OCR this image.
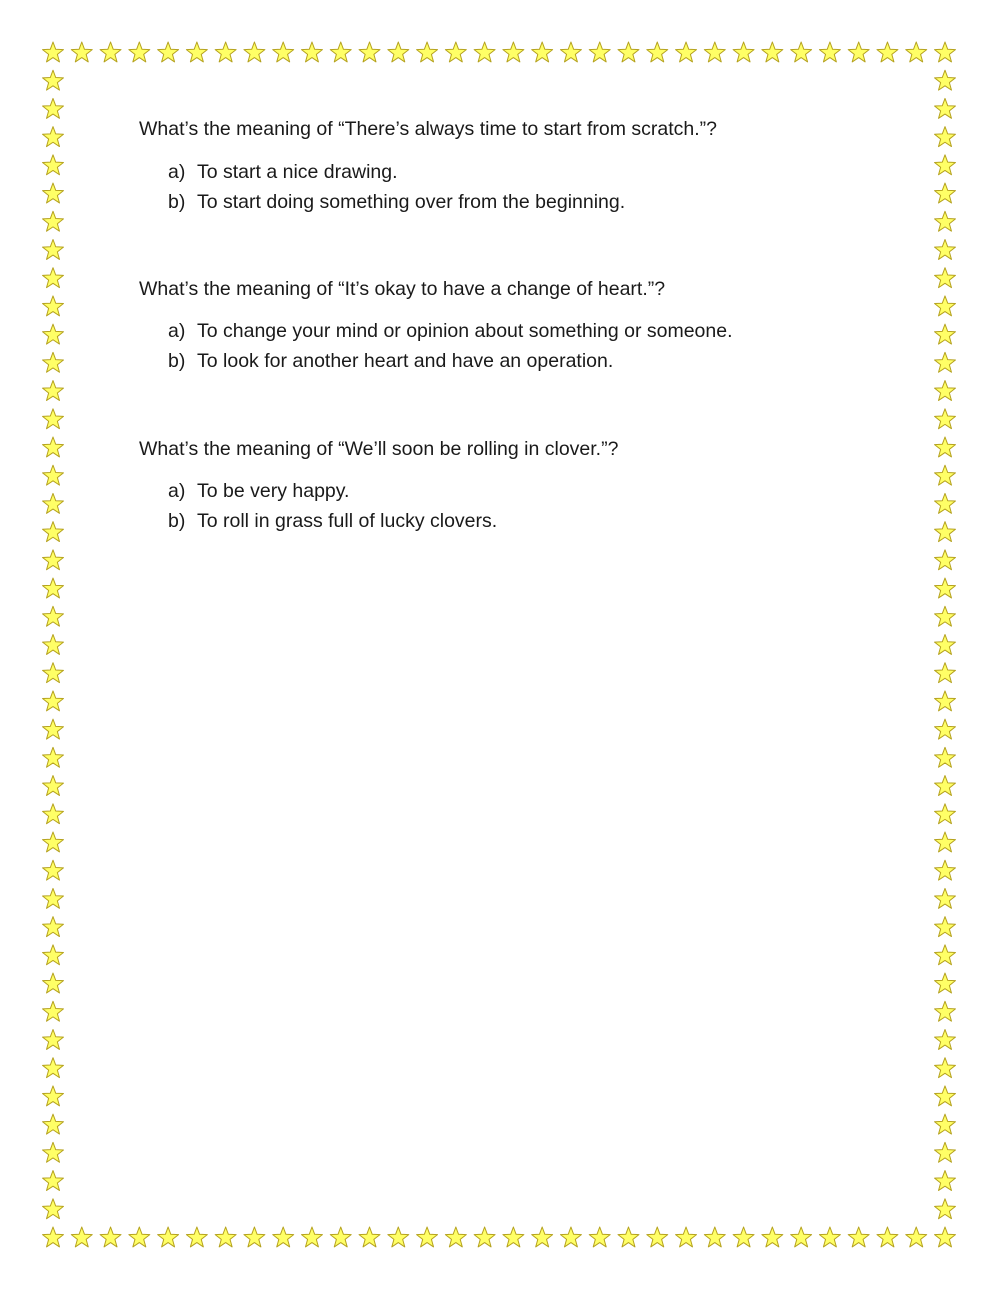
What’s the meaning of “There’s always time to start from scratch.”?
a) To start a nice drawing.
b) To start doing something over from the beginning.
What’s the meaning of “It’s okay to have a change of heart.”?
a) To change your mind or opinion about something or someone.
b) To look for another heart and have an operation.
What’s the meaning of “We’ll soon be rolling in clover.”?
a) To be very happy.
b) To roll in grass full of lucky clovers.
